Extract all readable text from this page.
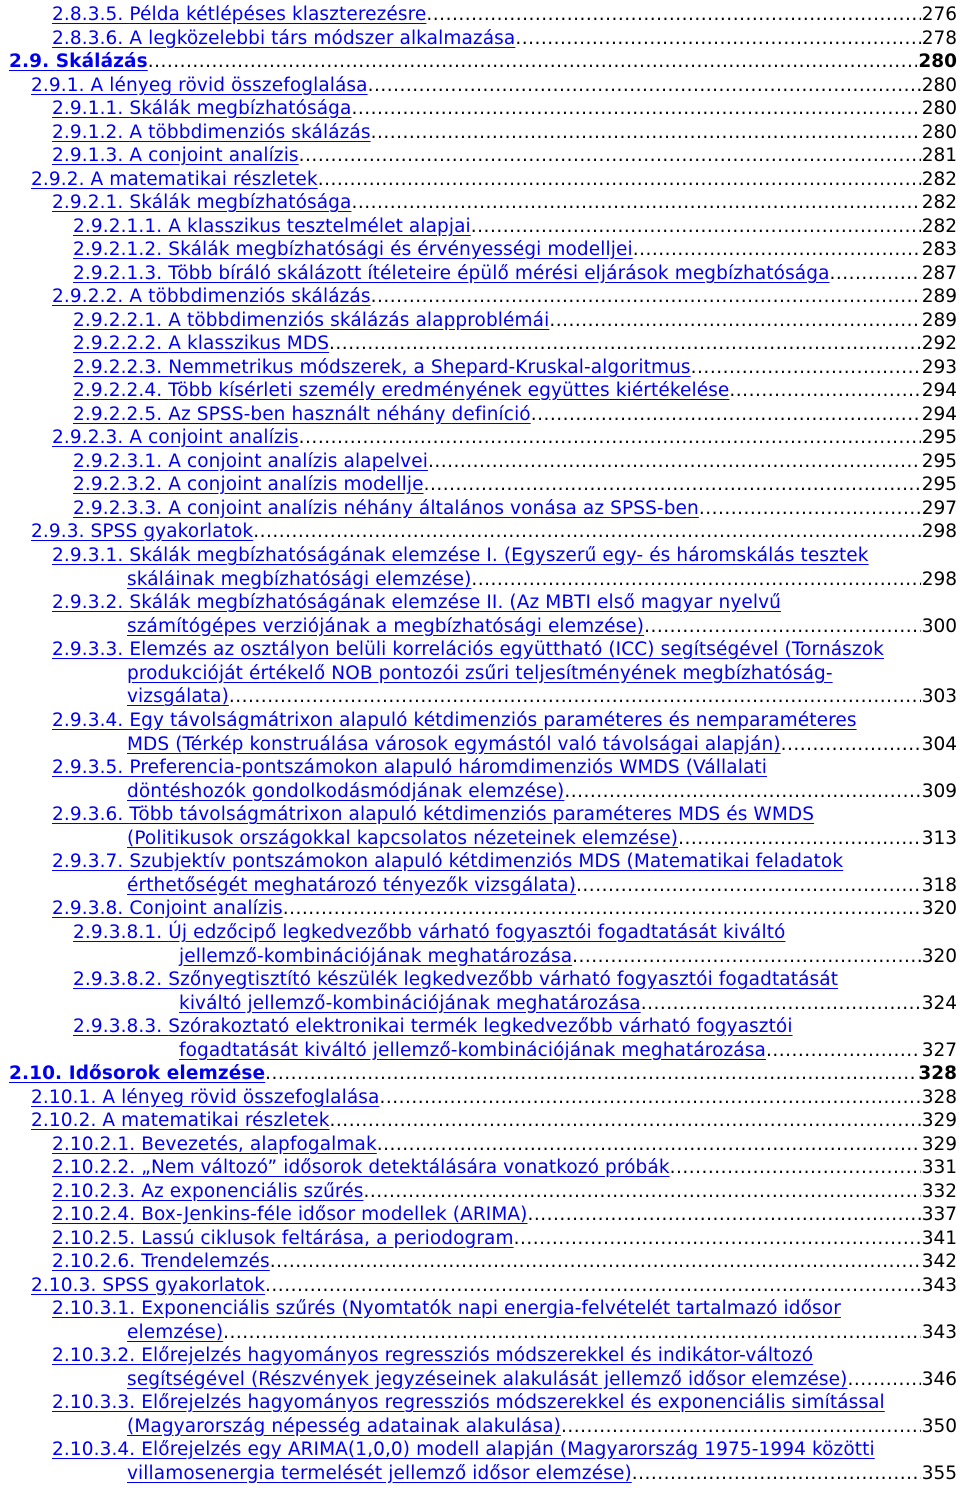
2.8.3.5. Példa kétlépéses klaszterezésre .....	276
2.8.3.6. A legközelebbi társ módszer alkalmazása .....	278
2.9. Skálázás .....	280
2.9.1. A lényeg rövid összefoglalása .....	280
2.9.1.1. Skálák megbízhatósága .....	280
2.9.1.2. A többdimenziós skálázás .....	280
2.9.1.3. A conjoint analízis .....	281
2.9.2. A matematikai részletek .....	282
2.9.2.1. Skálák megbízhatósága .....	282
2.9.2.1.1. A klasszikus tesztelmélet alapjai .....	282
2.9.2.1.2. Skálák megbízhatósági és érvényességi modelljei .....	283
2.9.2.1.3. Több bíráló skálázott ítéleteire épülő mérési eljárások megbízhatósága .....	287
2.9.2.2. A többdimenziós skálázás .....	289
2.9.2.2.1. A többdimenziós skálázás alapproblémái .....	289
2.9.2.2.2. A klasszikus MDS .....	292
2.9.2.2.3. Nemmetrikus módszerek, a Shepard-Kruskal-algoritmus .....	293
2.9.2.2.4. Több kísérleti személy eredményének együttes kiértékelése .....	294
2.9.2.2.5. Az SPSS-ben használt néhány definíció .....	294
2.9.2.3. A conjoint analízis .....	295
2.9.2.3.1. A conjoint analízis alapelvei .....	295
2.9.2.3.2. A conjoint analízis modellje .....	295
2.9.2.3.3. A conjoint analízis néhány általános vonása az SPSS-ben .....	297
2.9.3. SPSS gyakorlatok .....	298
2.9.3.1. Skálák megbízhatóságának elemzése I. (Egyszerű egy- és háromskálás tesztek
skáláinak megbízhatósági elemzése) .....	298
2.9.3.2. Skálák megbízhatóságának elemzése II. (Az MBTI első magyar nyelvű
számítógépes verziójának a megbízhatósági elemzése) .....	300
2.9.3.3. Elemzés az osztályon belüli korrelációs együttható (ICC) segítségével (Tornászok
produkcióját értékelő NOB pontozói zsűri teljesítményének megbízhatóság-
vizsgálata) .....	303
2.9.3.4. Egy távolságmátrixon alapuló kétdimenziós paraméteres és nemparaméteres
MDS (Térkép konstruálása városok egymástól való távolságai alapján) .....	304
2.9.3.5. Preferencia-pontszámokon alapuló háromdimenziós WMDS (Vállalati
döntéshozók gondolkodásmódjának elemzése) .....	309
2.9.3.6. Több távolságmátrixon alapuló kétdimenziós paraméteres MDS és WMDS
(Politikusok országokkal kapcsolatos nézeteinek elemzése) .....	313
2.9.3.7. Szubjektív pontszámokon alapuló kétdimenziós MDS (Matematikai feladatok
érthetőségét meghatározó tényezők vizsgálata) .....	318
2.9.3.8. Conjoint analízis .....	320
2.9.3.8.1. Új edzőcipő legkedvezőbb várható fogyasztói fogadtatását kiváltó
jellemző-kombinációjának meghatározása .....	320
2.9.3.8.2. Szőnyegtisztító készülék legkedvezőbb várható fogyasztói fogadtatását
kiváltó jellemző-kombinációjának meghatározása .....	324
2.9.3.8.3. Szórakoztató elektronikai termék legkedvezőbb várható fogyasztói
fogadtatását kiváltó jellemző-kombinációjának meghatározása .....	327
2.10. Idősorok elemzése .....	328
2.10.1. A lényeg rövid összefoglalása .....	328
2.10.2. A matematikai részletek .....	329
2.10.2.1. Bevezetés, alapfogalmak .....	329
2.10.2.2. „Nem változó” idősorok detektálására vonatkozó próbák .....	331
2.10.2.3. Az exponenciális szűrés .....	332
2.10.2.4. Box-Jenkins-féle idősor modellek (ARIMA) .....	337
2.10.2.5. Lassú ciklusok feltárása, a periodogram .....	341
2.10.2.6. Trendelemzés .....	342
2.10.3. SPSS gyakorlatok .....	343
2.10.3.1. Exponenciális szűrés (Nyomtatók napi energia-felvételét tartalmazó idősor
elemzése) .....	343
2.10.3.2. Előrejelzés hagyományos regressziós módszerekkel és indikátor-változó
segítségével (Részvények jegyzéseinek alakulását jellemző idősor elemzése) .....	346
2.10.3.3. Előrejelzés hagyományos regressziós módszerekkel és exponenciális simítással
(Magyarország népesség adatainak alakulása) .....	350
2.10.3.4. Előrejelzés egy ARIMA(1,0,0) modell alapján (Magyarország 1975-1994 közötti
villamosenergia termelését jellemző idősor elemzése) .....	355
